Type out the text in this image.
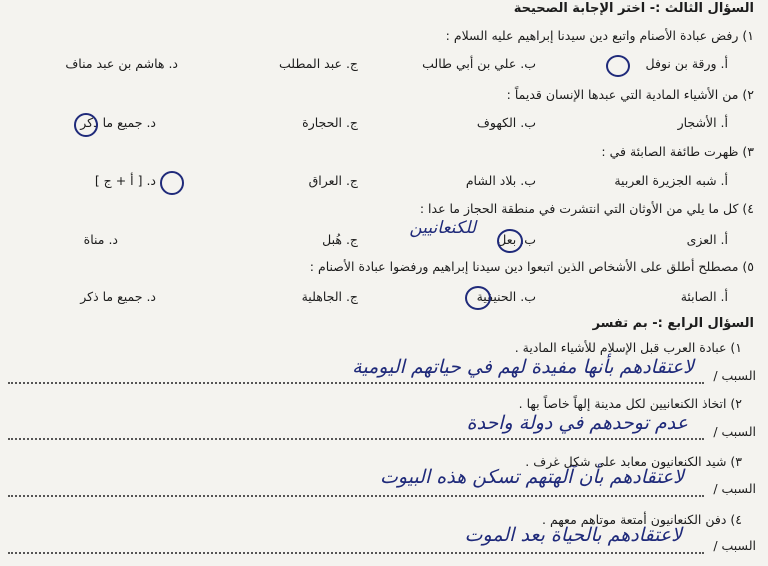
السؤال الثالث :- اختر الإجابة الصحيحة
١) رفض عبادة الأصنام واتبع دين سيدنا إبراهيم عليه السلام :
أ. ورقة بن نوفل
ب. علي بن أبي طالب
ج. عبد المطلب
د. هاشم بن عبد مناف
٢) من الأشياء المادية التي عبدها الإنسان قديماً :
أ. الأشجار
ب. الكهوف
ج. الحجارة
د. جميع ما ذكر
٣) ظهرت طائفة الصابئة في :
أ. شبه الجزيرة العربية
ب. بلاد الشام
ج. العراق
د. [ أ + ج ]
٤) كل ما يلي من الأوثان التي انتشرت في منطقة الحجاز ما عدا :
أ. العزى
ب. بعل
للكنعانيين
ج. هُبل
د. مناة
٥) مصطلح أطلق على الأشخاص الذين اتبعوا دين سيدنا إبراهيم ورفضوا عبادة الأصنام :
أ. الصابئة
ب. الحنيفية
ج. الجاهلية
د. جميع ما ذكر
السؤال الرابع :- بم تفسر
١) عبادة العرب قبل الإسلام للأشياء المادية .
السبب /
لاعتقادهم بأنها مفيدة لهم في حياتهم اليومية
٢) اتخاذ الكنعانيين لكل مدينة إلهاً خاصاً بها .
السبب /
عدم توحدهم في دولة واحدة
٣) شيد الكنعانيون معابد على شكل غرف .
السبب /
لاعتقادهم بأن آلهتهم تسكن هذه البيوت
٤) دفن الكنعانيون أمتعة موتاهم معهم .
السبب /
لاعتقادهم بالحياة بعد الموت
